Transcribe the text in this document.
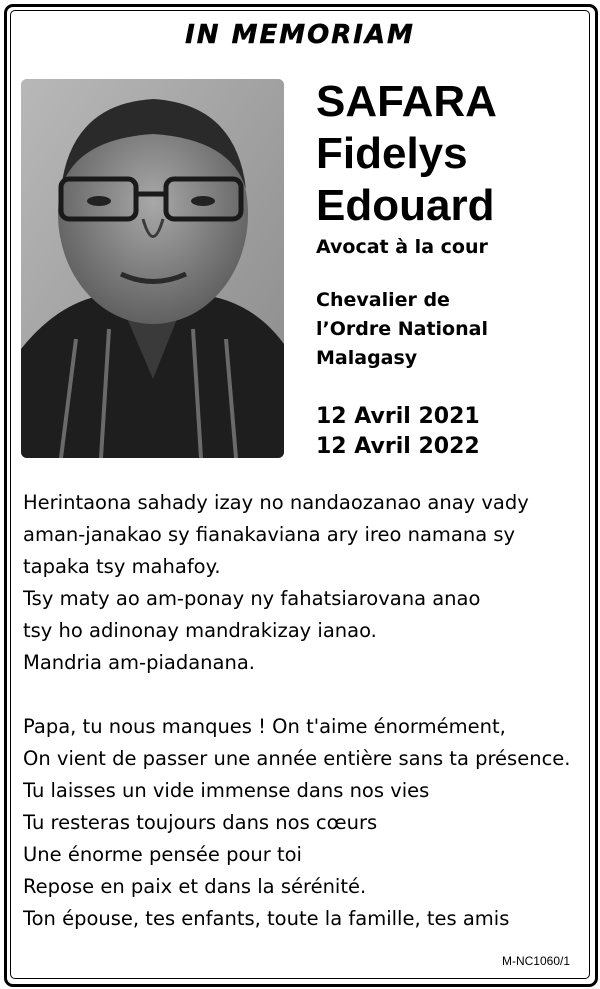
IN MEMORIAM
SAFARA
Fidelys
Edouard
Avocat à la cour
Chevalier de
l’Ordre National
Malagasy
12 Avril 2021
12 Avril 2022
Herintaona sahady izay no nandaozanao anay vady
aman-janakao sy fianakaviana ary ireo namana sy
tapaka tsy mahafoy.
Tsy maty ao am-ponay ny fahatsiarovana anao
tsy ho adinonay mandrakizay ianao.
Mandria am-piadanana.
Papa, tu nous manques ! On t'aime énormément,
On vient de passer une année entière sans ta présence.
Tu laisses un vide immense dans nos vies
Tu resteras toujours dans nos cœurs
Une énorme pensée pour toi
Repose en paix et dans la sérénité.
Ton épouse, tes enfants, toute la famille, tes amis
M-NC1060/1
